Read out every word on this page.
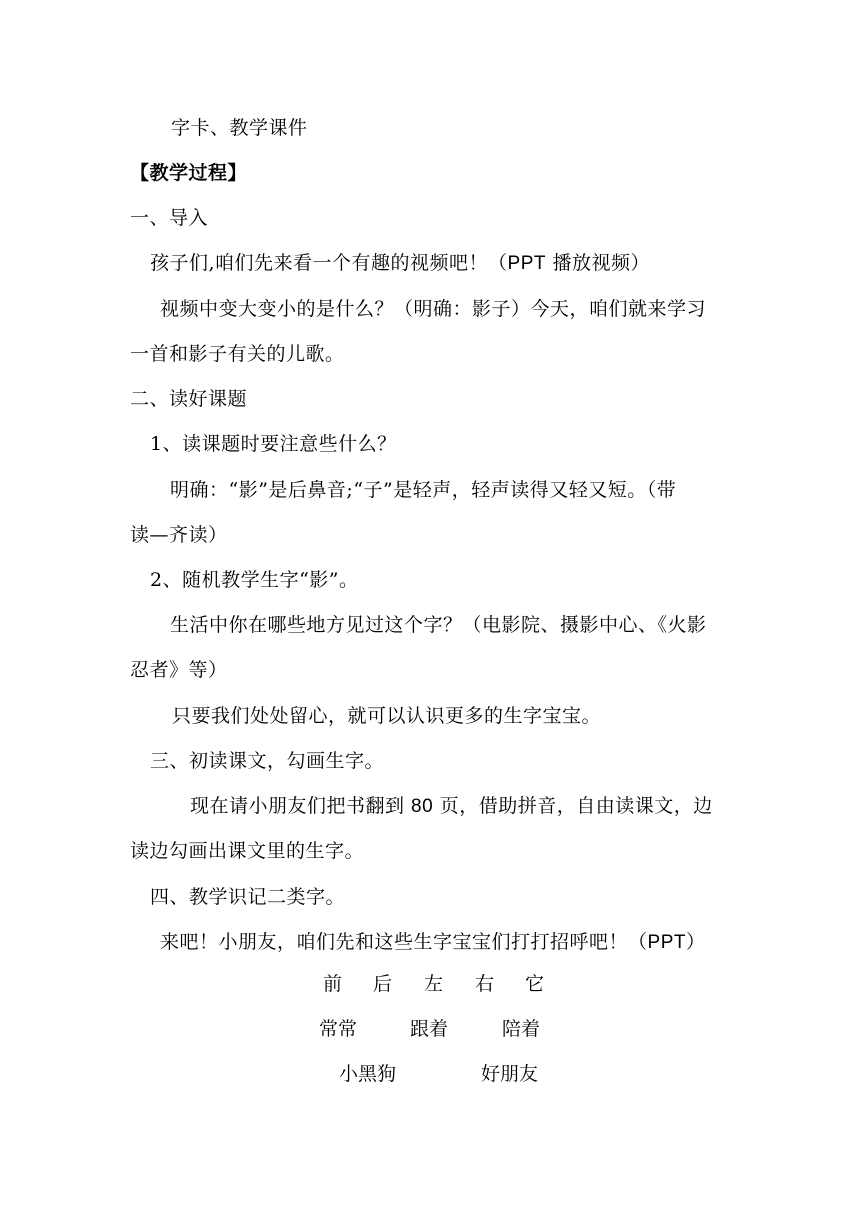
字卡、教学课件
【教学过程】
一、导入
孩子们,咱们先来看一个有趣的视频吧！（PPT 播放视频）
视频中变大变小的是什么？（明确：影子）今天，咱们就来学习
一首和影子有关的儿歌。
二、读好课题
1、读课题时要注意些什么？
明确：“影”是后鼻音;“子”是轻声，轻声读得又轻又短。（带
读—齐读）
2、随机教学生字“影”。
生活中你在哪些地方见过这个字？（电影院、摄影中心、《火影
忍者》等）
只要我们处处留心，就可以认识更多的生字宝宝。
三、初读课文，勾画生字。
现在请小朋友们把书翻到 80 页，借助拼音，自由读课文，边
读边勾画出课文里的生字。
四、教学识记二类字。
来吧！小朋友，咱们先和这些生字宝宝们打打招呼吧！（PPT）
前 后 左 右 它
常常	跟着	陪着
小黑狗	好朋友
